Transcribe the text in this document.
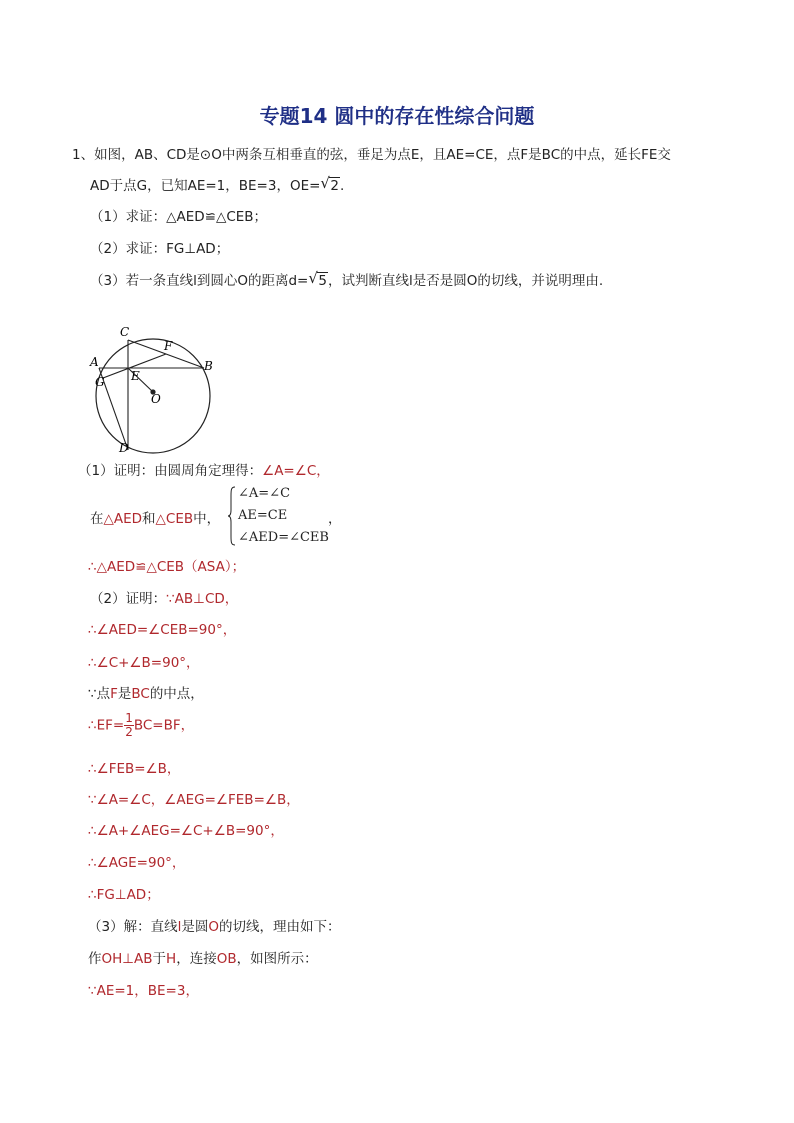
专题14 圆中的存在性综合问题
1、如图，AB、CD是⊙O中两条互相垂直的弦，垂足为点E，且AE=CE，点F是BC的中点，延长FE交
AD于点G，已知AE=1，BE=3，OE= √ 2.
（1）求证：△AED≌△CEB；
（2）求证：FG⊥AD；
（3）若一条直线l到圆心O的距离d= √ 5，试判断直线l是否是圆O的切线，并说明理由.
C
F
A	B
G E
O
D
（1）证明：由圆周角定理得：∠A=∠C，
在△AED和△CEB中，
∠A=∠C
AE=CE
∠AED=∠CEB
，
∴△AED≌△CEB（ASA）；
（2）证明：∵AB⊥CD，
∴∠AED=∠CEB=90°，
∴∠C+∠B=90°，
∵点F是BC的中点，
∴EF= $\frac{1}{2} BC=BF$，
∴∠FEB=∠B，
∵∠A=∠C，∠AEG=∠FEB=∠B，
∴∠A+∠AEG=∠C+∠B=90°，
∴∠AGE=90°，
∴FG⊥AD；
（3）解：直线l是圆O的切线，理由如下：
作OH⊥AB于H，连接OB，如图所示：
∵AE=1，BE=3，
